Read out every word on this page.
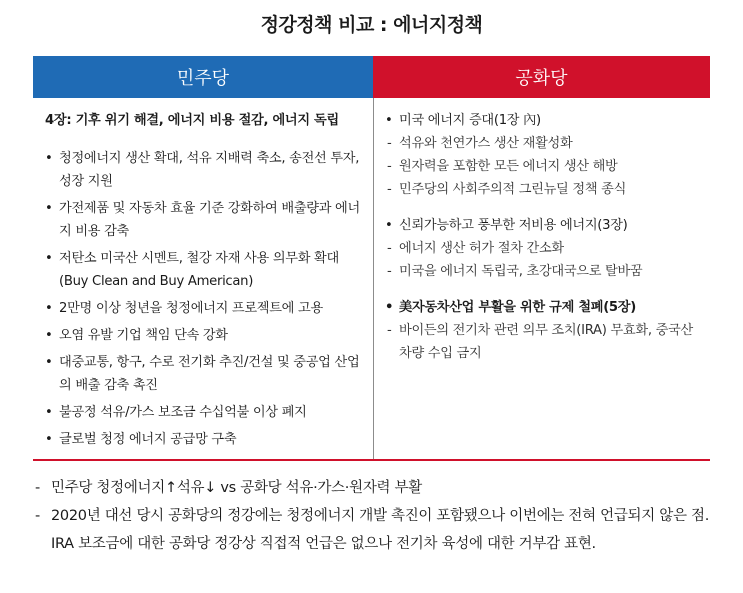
정강정책 비교 : 에너지정책
민주당	공화당
4장: 기후 위기 해결, 에너지 비용 절감, 에너지 독립
• 청정에너지 생산 확대, 석유 지배력 축소, 송전선 투자, 성장 지원
• 가전제품 및 자동차 효율 기준 강화하여 배출량과 에너지 비용 감축
• 저탄소 미국산 시멘트, 철강 자재 사용 의무화 확대(Buy Clean and Buy American)
• 2만명 이상 청년을 청정에너지 프로젝트에 고용
• 오염 유발 기업 책임 단속 강화
• 대중교통, 항구, 수로 전기화 추진/건설 및 중공업 산업의 배출 감축 촉진
• 불공정 석유/가스 보조금 수십억불 이상 폐지
• 글로벌 청정 에너지 공급망 구축
• 미국 에너지 증대(1장 內)
- 석유와 천연가스 생산 재활성화
- 원자력을 포함한 모든 에너지 생산 해방
- 민주당의 사회주의적 그린뉴딜 정책 종식
• 신뢰가능하고 풍부한 저비용 에너지(3장)
- 에너지 생산 허가 절차 간소화
- 미국을 에너지 독립국, 초강대국으로 탈바꿈
• 美자동차산업 부활을 위한 규제 철폐(5장)
- 바이든의 전기차 관련 의무 조치(IRA) 무효화, 중국산 차량 수입 금지
- 민주당 청정에너지↑석유↓ vs 공화당 석유·가스·원자력 부활
- 2020년 대선 당시 공화당의 정강에는 청정에너지 개발 촉진이 포함됐으나 이번에는 전혀 언급되지 않은 점. IRA 보조금에 대한 공화당 정강상 직접적 언급은 없으나 전기차 육성에 대한 거부감 표현.
